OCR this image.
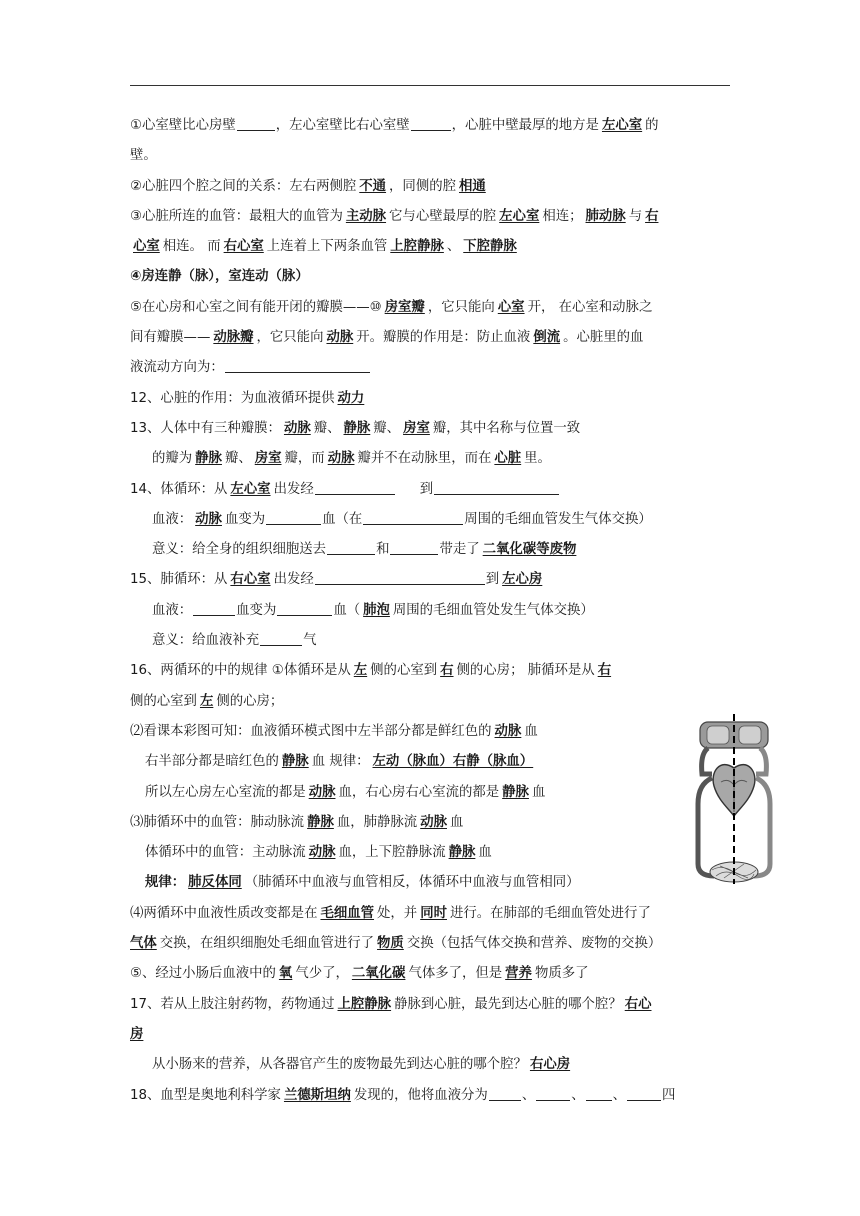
①心室壁比心房壁	，左心室壁比右心室壁	，心脏中壁最厚的地方是 左心室 的
壁。
②心脏四个腔之间的关系：左右两侧腔 不通 ，同侧的腔 相通
③心脏所连的血管：最粗大的血管为 主动脉 它与心壁最厚的腔 左心室 相连； 肺动脉 与 右
心室 相连。 而 右心室 上连着上下两条血管 上腔静脉 、 下腔静脉
④房连静（脉），室连动（脉）
⑤在心房和心室之间有能开闭的瓣膜——⑩ 房室瓣 ，它只能向 心室 开， 在心室和动脉之
间有瓣膜—— 动脉瓣 ，它只能向 动脉 开。瓣膜的作用是：防止血液 倒流 。心脏里的血
液流动方向为：
12、心脏的作用：为血液循环提供 动力
13、人体中有三种瓣膜： 动脉 瓣、 静脉 瓣、 房室 瓣，其中名称与位置一致
的瓣为 静脉 瓣、 房室 瓣，而 动脉 瓣并不在动脉里，而在 心脏 里。
14、体循环：从 左心室 出发经	到
血液： 动脉 血变为	血（在	周围的毛细血管发生气体交换）
意义：给全身的组织细胞送去	和	带走了 二氧化碳等废物
15、肺循环：从 右心室 出发经	到 左心房
血液：	血变为	血（ 肺泡 周围的毛细血管处发生气体交换）
意义：给血液补充	气
16、两循环的中的规律 ①体循环是从 左 侧的心室到 右 侧的心房； 肺循环是从 右
侧的心室到 左 侧的心房；
⑵看课本彩图可知：血液循环模式图中左半部分都是鲜红色的 动脉 血
右半部分都是暗红色的 静脉 血 规律： 左动（脉血）右静（脉血）
所以左心房左心室流的都是 动脉 血，右心房右心室流的都是 静脉 血
⑶肺循环中的血管：肺动脉流 静脉 血，肺静脉流 动脉 血
体循环中的血管：主动脉流 动脉 血，上下腔静脉流 静脉 血
规律： 肺反体同 （肺循环中血液与血管相反，体循环中血液与血管相同）
⑷两循环中血液性质改变都是在 毛细血管 处，并 同时 进行。在肺部的毛细血管处进行了
气体 交换，在组织细胞处毛细血管进行了 物质 交换（包括气体交换和营养、废物的交换）
⑤、经过小肠后血液中的 氧 气少了， 二氧化碳 气体多了，但是 营养 物质多了
17、若从上肢注射药物，药物通过 上腔静脉 静脉到心脏，最先到达心脏的哪个腔？ 右心
房
从小肠来的营养，从各器官产生的废物最先到达心脏的哪个腔？ 右心房
18、血型是奥地利科学家 兰德斯坦纳 发现的，他将血液分为	、	、 、	四
